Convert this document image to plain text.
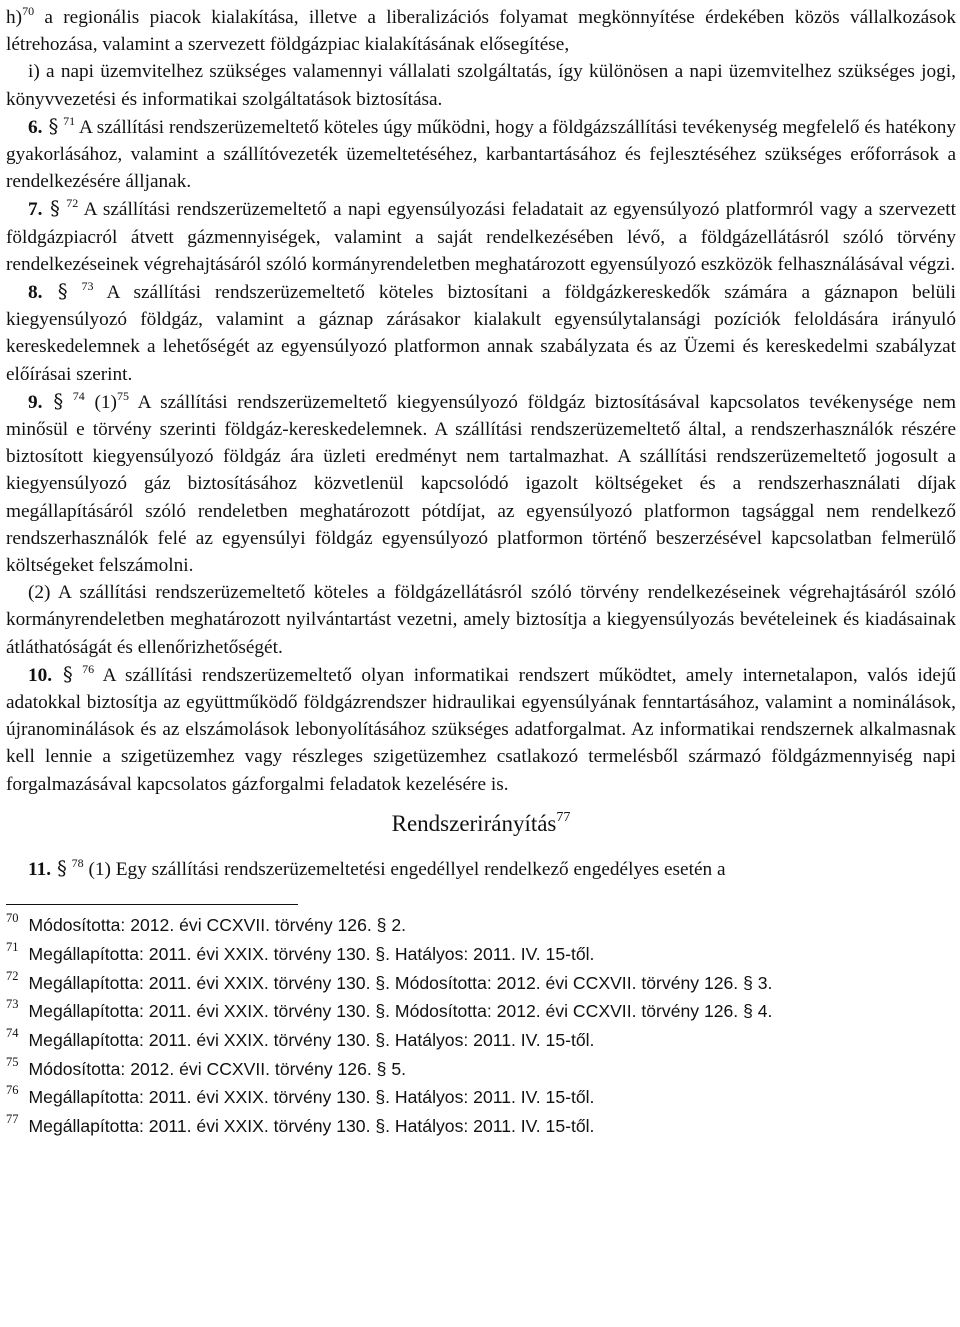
h)$^{70}$ a regionális piacok kialakítása, illetve a liberalizációs folyamat megkönnyítése érdekében közös vállalkozások létrehozása, valamint a szervezett földgázpiac kialakításának elősegítése,

i) a napi üzemvitelhez szükséges valamennyi vállalati szolgáltatás, így különösen a napi üzemvitelhez szükséges jogi, könyvvezetési és informatikai szolgáltatások biztosítása.

6. § $^{71}$ A szállítási rendszerüzemeltető köteles úgy működni, hogy a földgázszállítási tevékenység megfelelő és hatékony gyakorlásához, valamint a szállítóvezeték üzemeltetéséhez, karbantartásához és fejlesztéséhez szükséges erőforrások a rendelkezésére álljanak.

7. § $^{72}$ A szállítási rendszerüzemeltető a napi egyensúlyozási feladatait az egyensúlyozó platformról vagy a szervezett földgázpiacról átvett gázmennyiségek, valamint a saját rendelkezésében lévő, a földgázellátásról szóló törvény rendelkezéseinek végrehajtásáról szóló kormányrendeletben meghatározott egyensúlyozó eszközök felhasználásával végzi.

8. § $^{73}$ A szállítási rendszerüzemeltető köteles biztosítani a földgázkereskedők számára a gáznapon belüli kiegyensúlyozó földgáz, valamint a gáznap zárásakor kialakult egyensúlytalansági pozíciók feloldására irányuló kereskedelemnek a lehetőségét az egyensúlyozó platformon annak szabályzata és az Üzemi és kereskedelmi szabályzat előírásai szerint.

9. § $^{74}$ $(1)^{75}$ A szállítási rendszerüzemeltető kiegyensúlyozó földgáz biztosításával kapcsolatos tevékenysége nem minősül e törvény szerinti földgáz-kereskedelemnek. A szállítási rendszerüzemeltető által, a rendszerhasználók részére biztosított kiegyensúlyozó földgáz ára üzleti eredményt nem tartalmazhat. A szállítási rendszerüzemeltető jogosult a kiegyensúlyozó gáz biztosításához közvetlenül kapcsolódó igazolt költségeket és a rendszerhasználati díjak megállapításáról szóló rendeletben meghatározott pótdíjat, az egyensúlyozó platformon tagsággal nem rendelkező rendszerhasználók felé az egyensúlyi földgáz egyensúlyozó platformon történő beszerzésével kapcsolatban felmerülő költségeket felszámolni.

(2) A szállítási rendszerüzemeltető köteles a földgázellátásról szóló törvény rendelkezéseinek végrehajtásáról szóló kormányrendeletben meghatározott nyilvántartást vezetni, amely biztosítja a kiegyensúlyozás bevételeinek és kiadásainak átláthatóságát és ellenőrizhetőségét.

10. § $^{76}$ A szállítási rendszerüzemeltető olyan informatikai rendszert működtet, amely internetalapon, valós idejű adatokkal biztosítja az együttműködő földgázrendszer hidraulikai egyensúlyának fenntartásához, valamint a nominálások, újranominálások és az elszámolások lebonyolításához szükséges adatforgalmat. Az informatikai rendszernek alkalmasnak kell lennie a szigetüzemhez vagy részleges szigetüzemhez csatlakozó termelésből származó földgázmennyiség napi forgalmazásával kapcsolatos gázforgalmi feladatok kezelésére is.

Rendszerirányítás$^{77}$

11. § $^{78}$ (1) Egy szállítási rendszerüzemeltetési engedéllyel rendelkező engedélyes esetén a

$^{70}$ Módosította: 2012. évi CCXVII. törvény 126. § 2.

$^{71}$ Megállapította: 2011. évi XXIX. törvény 130. §. Hatályos: 2011. IV. 15-től.

$^{72}$ Megállapította: 2011. évi XXIX. törvény 130. §. Módosította: 2012. évi CCXVII. törvény 126. § 3.

$^{73}$ Megállapította: 2011. évi XXIX. törvény 130. §. Módosította: 2012. évi CCXVII. törvény 126. § 4.

$^{74}$ Megállapította: 2011. évi XXIX. törvény 130. §. Hatályos: 2011. IV. 15-től.

$^{75}$ Módosította: 2012. évi CCXVII. törvény 126. § 5.

$^{76}$ Megállapította: 2011. évi XXIX. törvény 130. §. Hatályos: 2011. IV. 15-től.

$^{77}$ Megállapította: 2011. évi XXIX. törvény 130. §. Hatályos: 2011. IV. 15-től.
